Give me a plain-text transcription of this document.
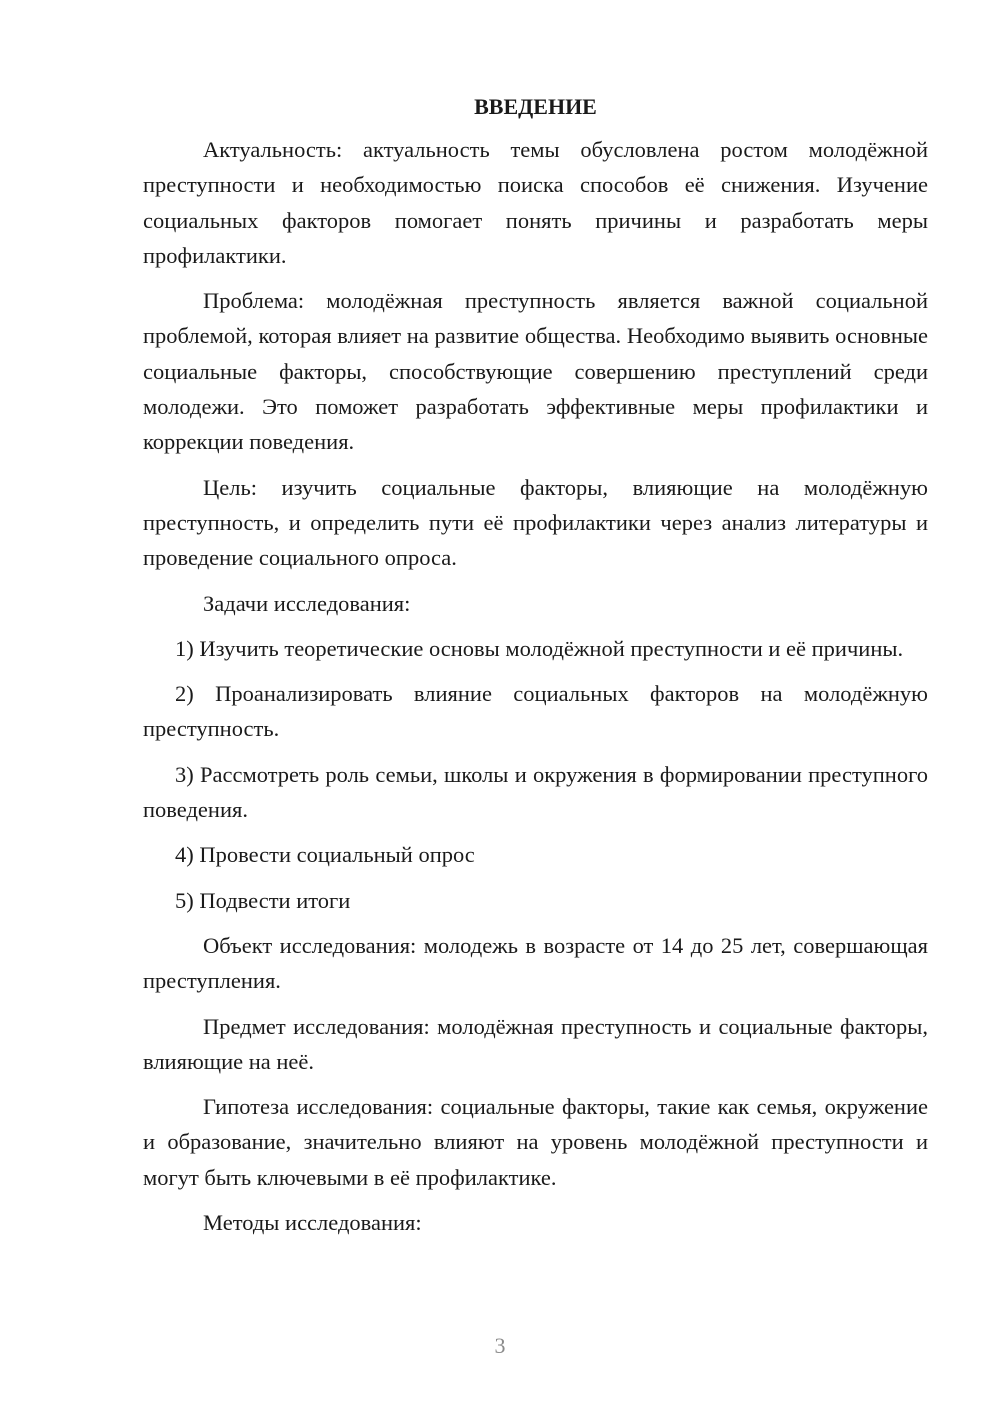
ВВЕДЕНИЕ

Актуальность: актуальность темы обусловлена ростом молодёжной преступности и необходимостью поиска способов её снижения. Изучение социальных факторов помогает понять причины и разработать меры профилактики.

Проблема: молодёжная преступность является важной социальной проблемой, которая влияет на развитие общества. Необходимо выявить основные социальные факторы, способствующие совершению преступлений среди молодежи. Это поможет разработать эффективные меры профилактики и коррекции поведения.

Цель: изучить социальные факторы, влияющие на молодёжную преступность, и определить пути её профилактики через анализ литературы и проведение социального опроса.

Задачи исследования:

1) Изучить теоретические основы молодёжной преступности и её причины.

2) Проанализировать влияние социальных факторов на молодёжную преступность.

3) Рассмотреть роль семьи, школы и окружения в формировании преступного поведения.

4) Провести социальный опрос

5) Подвести итоги

Объект исследования: молодежь в возрасте от 14 до 25 лет, совершающая преступления.

Предмет исследования: молодёжная преступность и социальные факторы, влияющие на неё.

Гипотеза исследования: социальные факторы, такие как семья, окружение и образование, значительно влияют на уровень молодёжной преступности и могут быть ключевыми в её профилактике.

Методы исследования:

3
